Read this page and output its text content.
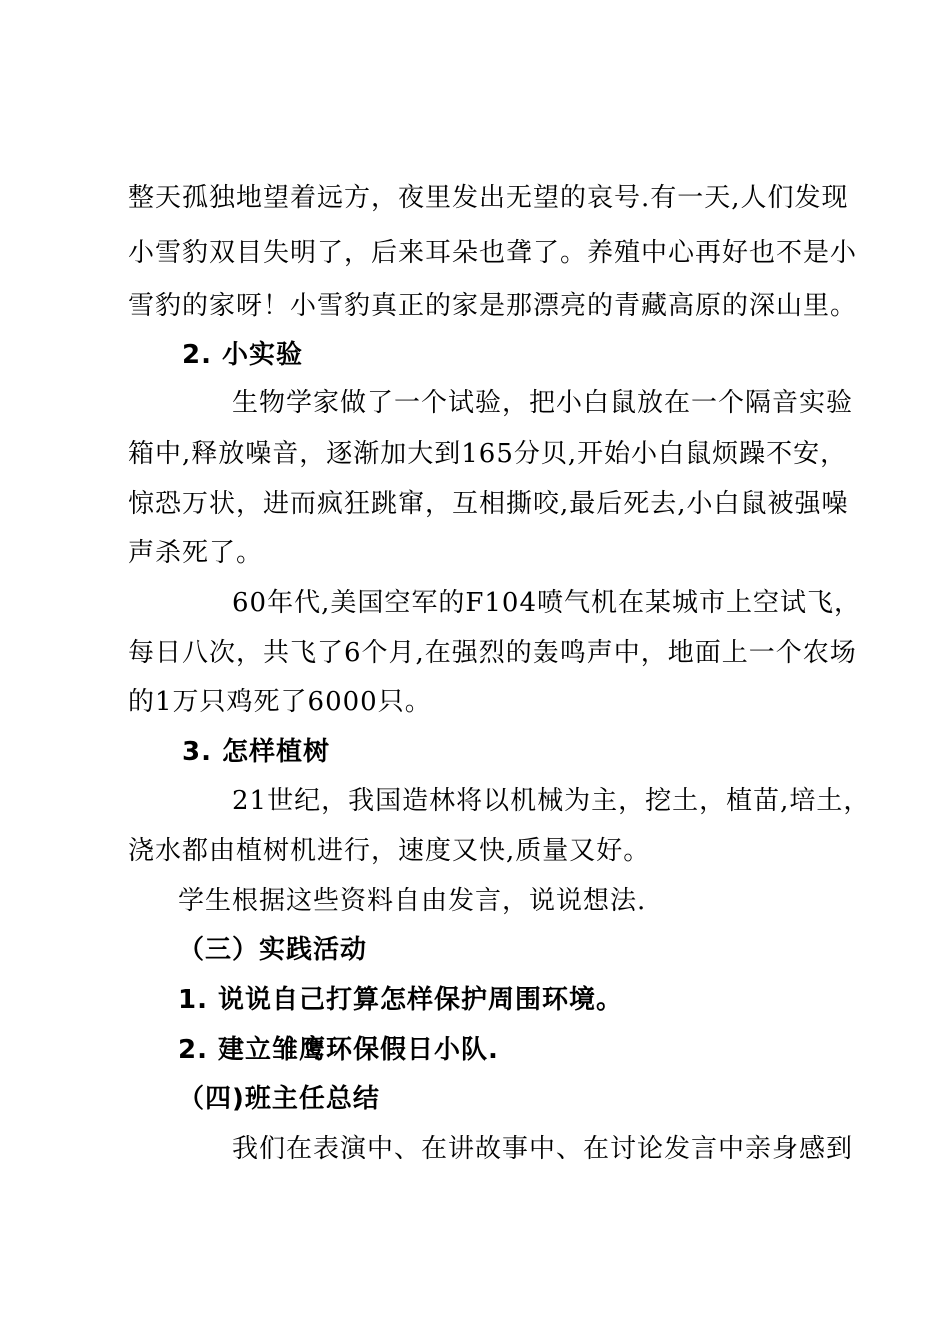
整天孤独地望着远方，夜里发出无望的哀号.有一天,人们发现
小雪豹双目失明了，后来耳朵也聋了。养殖中心再好也不是小
雪豹的家呀！小雪豹真正的家是那漂亮的青藏高原的深山里。
2. 小实验
生物学家做了一个试验，把小白鼠放在一个隔音实验
箱中,释放噪音，逐渐加大到165分贝,开始小白鼠烦躁不安，
惊恐万状，进而疯狂跳窜，互相撕咬,最后死去,小白鼠被强噪
声杀死了。
60年代,美国空军的F104喷气机在某城市上空试飞，
每日八次，共飞了6个月,在强烈的轰鸣声中，地面上一个农场
的1万只鸡死了6000只。
3. 怎样植树
21世纪，我国造林将以机械为主，挖土，植苗,培土，
浇水都由植树机进行，速度又快,质量又好。
学生根据这些资料自由发言，说说想法.
（三）实践活动
1. 说说自己打算怎样保护周围环境。
2. 建立雏鹰环保假日小队.
（四)班主任总结
我们在表演中、在讲故事中、在讨论发言中亲身感到
